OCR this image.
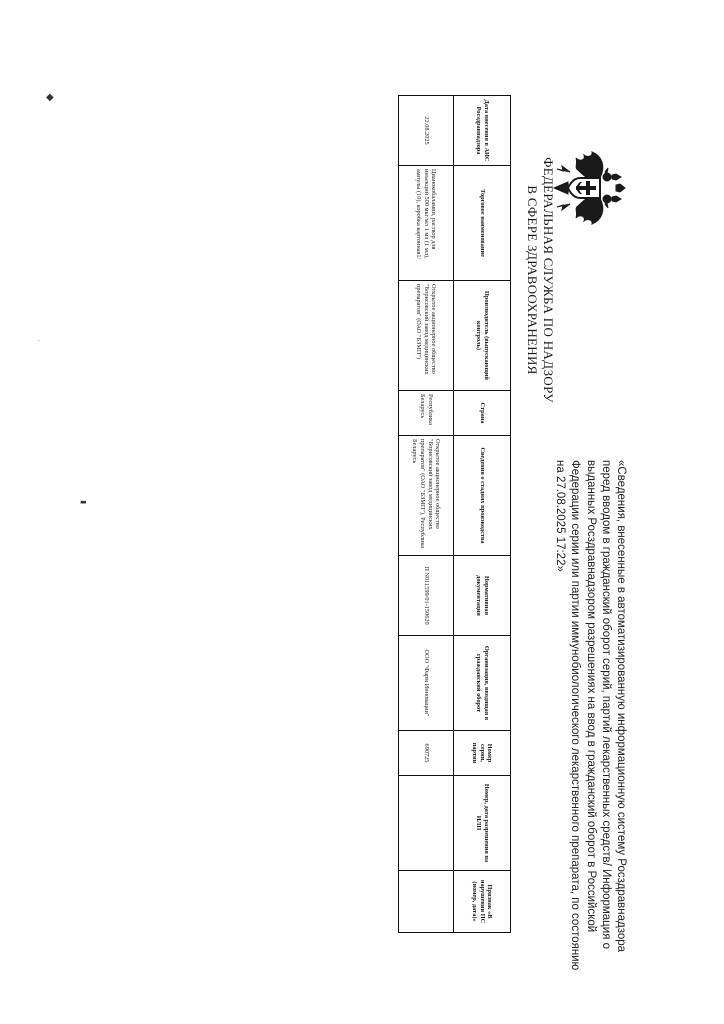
ФЕДЕРАЛЬНАЯ СЛУЖБА ПО НАДЗОРУ
В СФЕРЕ ЗДРАВООХРАНЕНИЯ
«Сведения, внесенные в автоматизированную информационную систему Росздравнадзора перед вводом в гражданский оборот серий, партий лекарственных средств/ Информация о выданных Росздравнадзором разрешениях на ввод в гражданский оборот в Российской Федерации серии или партии иммунобиологического лекарственного препарата, по состоянию на 27.08.2025 17:22»
Дата внесения в АИС Росздравнадзора	Торговое наименование	Производитель (выпускающий контроль)	Страна	Сведения о стадиях производства	Нормативная документация	Организация, вводящая в гражданский оборот	Номер серии, партии	Номер, дата разрешения на ИЛП	Признак «В нарушении ПС (номер, дата)»
22.08.2025	Цианокобаламин, раствор для инъекций 500 мкг/мл 1 мл (1 мл), ампулы (10), коробка картонная1/	Открытое акционерное общество "Борисовский завод медицинских препаратов" (ОАО "БЗМП")	Республика Беларусь	Открытое акционерное общество "Борисовский завод медицинских препаратов" (ОАО "БЗМП"), Республика Беларусь	П N011599/01-150620	ООО "Фарм Инновации"	690725		
◆
▬
·
